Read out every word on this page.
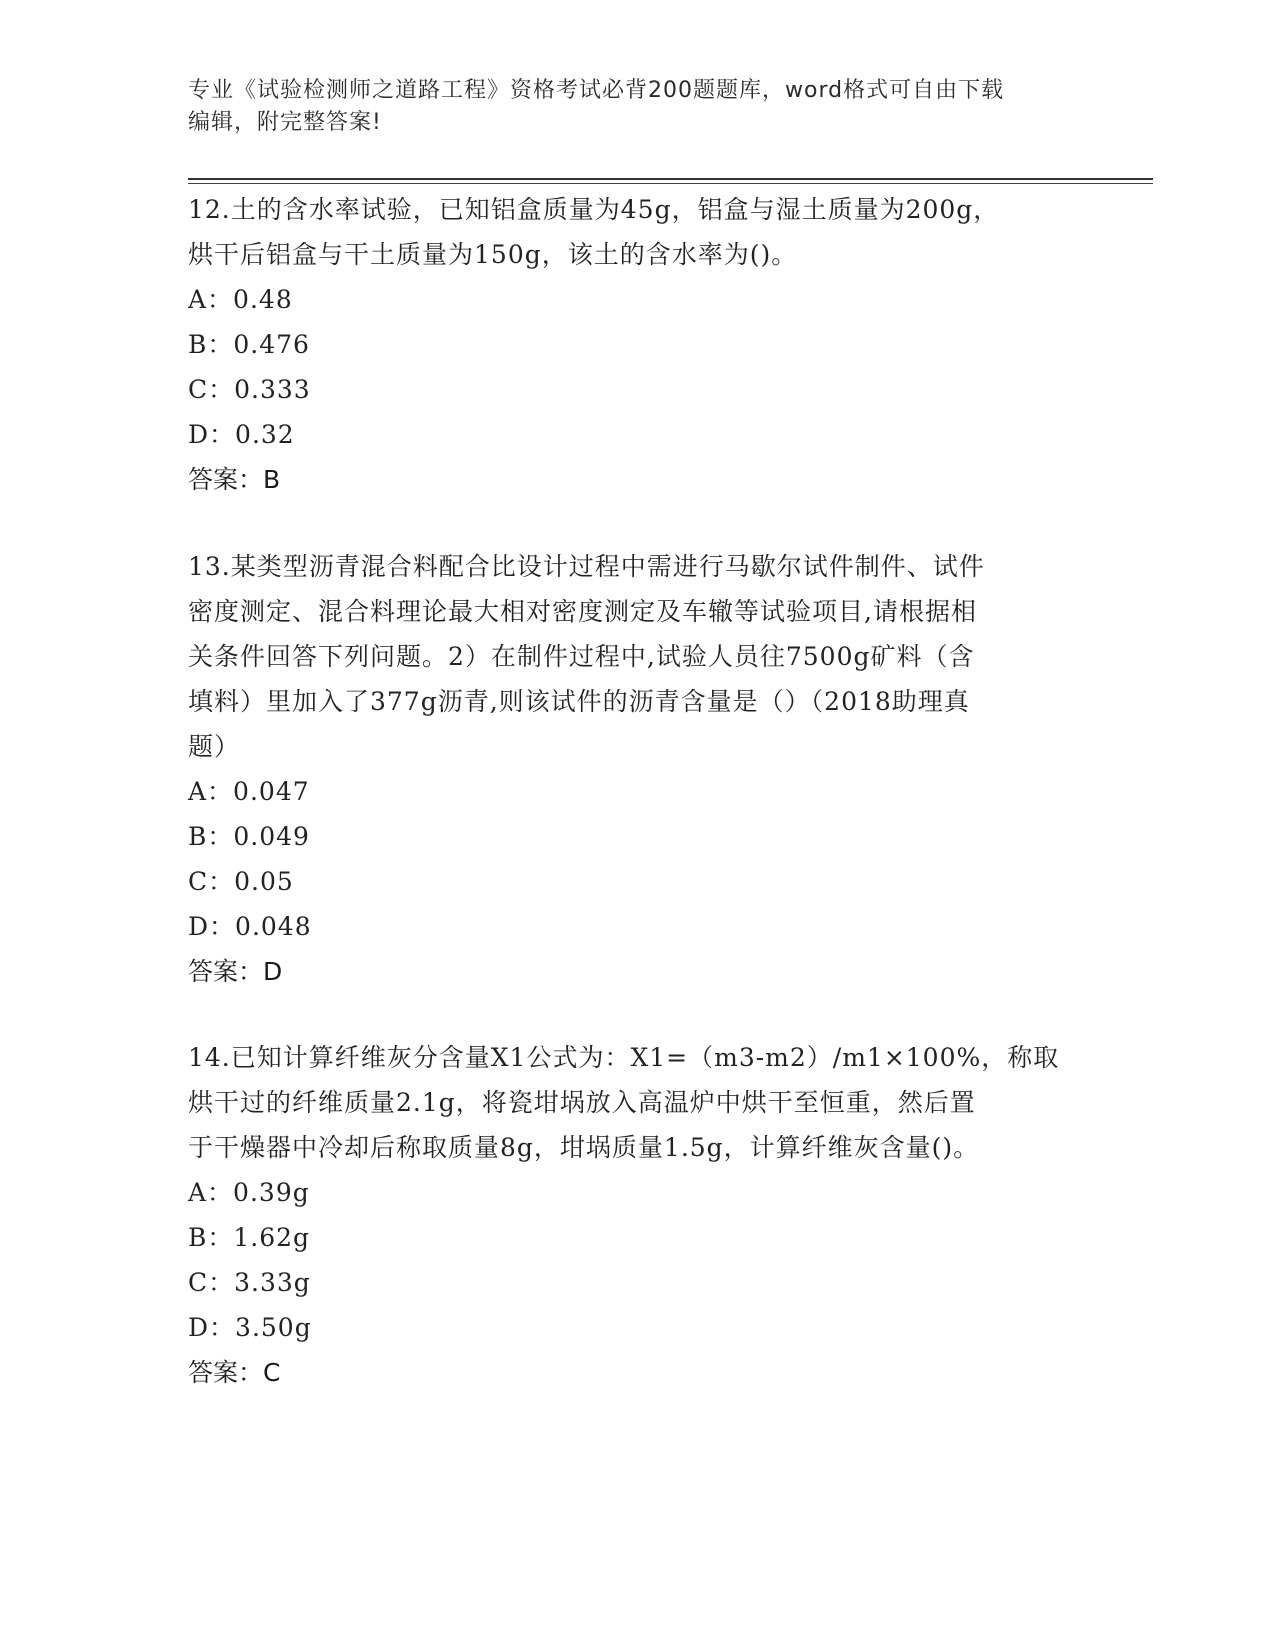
专业《试验检测师之道路工程》资格考试必背200题题库，word格式可自由下载
编辑，附完整答案!

12.土的含水率试验，已知铝盒质量为45g，铝盒与湿土质量为200g，

烘干后铝盒与干土质量为150g，该土的含水率为()。

A：0.48

B：0.476

C：0.333

D：0.32

答案：B

13.某类型沥青混合料配合比设计过程中需进行马歇尔试件制件、试件

密度测定、混合料理论最大相对密度测定及车辙等试验项目,请根据相

关条件回答下列问题。2）在制件过程中,试验人员往7500g矿料（含

填料）里加入了377g沥青,则该试件的沥青含量是（）（2018助理真

题）

A：0.047

B：0.049

C：0.05

D：0.048

答案：D

14.已知计算纤维灰分含量X1公式为：X1=（m3-m2）/m1×100%，称取

烘干过的纤维质量2.1g，将瓷坩埚放入高温炉中烘干至恒重，然后置

于干燥器中冷却后称取质量8g，坩埚质量1.5g，计算纤维灰含量()。

A：0.39g

B：1.62g

C：3.33g

D：3.50g

答案：C
